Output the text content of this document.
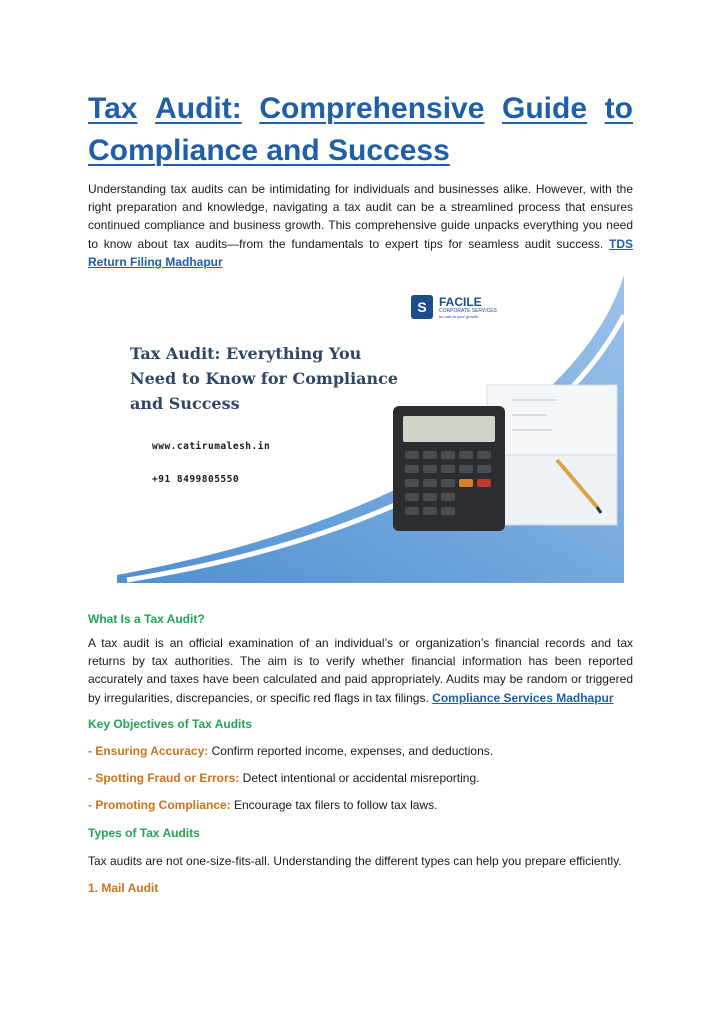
Tax Audit: Comprehensive Guide to
Compliance and Success

Understanding tax audits can be intimidating for individuals and businesses alike. However, with the right preparation and knowledge, navigating a tax audit can be a streamlined process that ensures continued compliance and business growth. This comprehensive guide unpacks everything you need to know about tax audits—from the fundamentals to expert tips for seamless audit success. TDS Return Filing Madhapur

S	FACILE
CORPORATE SERVICES
be part to your growth

Tax Audit: Everything You
Need to Know for Compliance
and Success

www.catirumalesh.in
+91 8499805550
What Is a Tax Audit?

A tax audit is an official examination of an individual’s or organization’s financial records and tax returns by tax authorities. The aim is to verify whether financial information has been reported accurately and taxes have been calculated and paid appropriately. Audits may be random or triggered by irregularities, discrepancies, or specific red flags in tax filings. Compliance Services Madhapur

Key Objectives of Tax Audits

- Ensuring Accuracy: Confirm reported income, expenses, and deductions.

- Spotting Fraud or Errors: Detect intentional or accidental misreporting.

- Promoting Compliance: Encourage tax filers to follow tax laws.

Types of Tax Audits

Tax audits are not one-size-fits-all. Understanding the different types can help you prepare efficiently.

1. Mail Audit
